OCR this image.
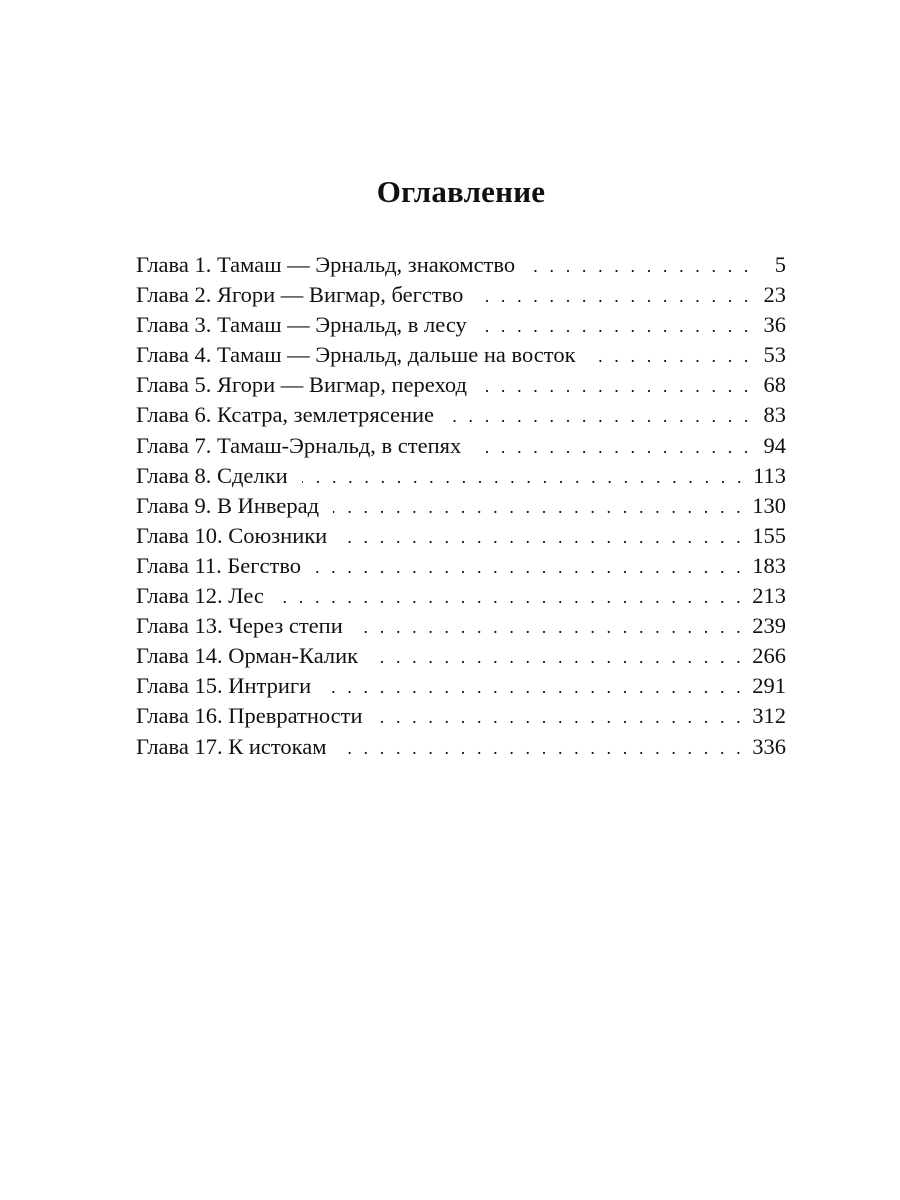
Оглавление
Глава 1. Тамаш — Эрнальд, знакомство . . .	5
Глава 2. Ягори — Вигмар, бегство . . .	23
Глава 3. Тамаш — Эрнальд, в лесу . . .	36
Глава 4. Тамаш — Эрнальд, дальше на восток . . .	53
Глава 5. Ягори — Вигмар, переход . . .	68
Глава 6. Ксатра, землетрясение . . .	83
Глава 7. Тамаш-Эрнальд, в степях . . .	94
Глава 8. Сделки . . .	113
Глава 9. В Инверад . . .	130
Глава 10. Союзники . . .	155
Глава 11. Бегство . . .	183
Глава 12. Лес . . .	213
Глава 13. Через степи . . .	239
Глава 14. Орман-Калик . . .	266
Глава 15. Интриги . . .	291
Глава 16. Превратности . . .	312
Глава 17. К истокам . . .	336
